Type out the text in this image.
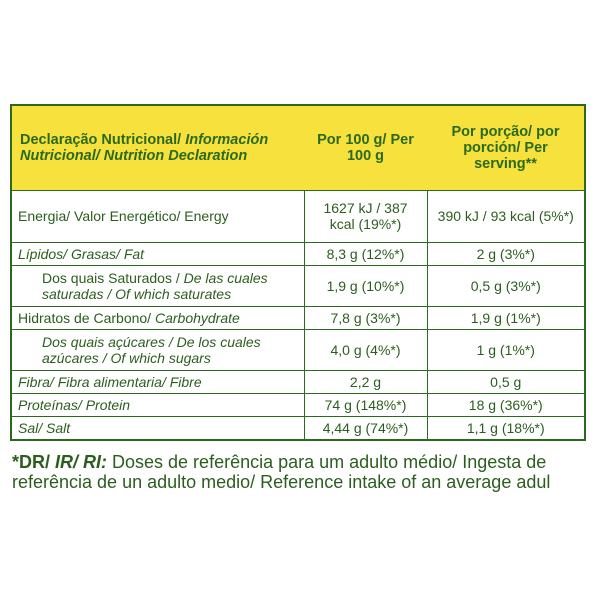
Declaração Nutricional/ Información
Nutricional/ Nutrition Declaration	Por 100 g/ Per 100 g	Por porção/ por porción/ Per serving**
Energia/ Valor Energético/ Energy	1627 kJ / 387 kcal (19%*)	390 kJ / 93 kcal (5%*)
Lípidos/ Grasas/ Fat	8,3 g (12%*)	2 g (3%*)
Dos quais Saturados / De las cuales saturadas / Of which saturates	1,9 g (10%*)	0,5 g (3%*)
Hidratos de Carbono/ Carbohydrate	7,8 g (3%*)	1,9 g (1%*)
Dos quais açúcares / De los cuales azúcares / Of which sugars	4,0 g (4%*)	1 g (1%*)
Fibra/ Fibra alimentaria/ Fibre	2,2 g	0,5 g
Proteínas/ Protein	74 g (148%*)	18 g (36%*)
Sal/ Salt	4,44 g (74%*)	1,1 g (18%*)
*DR/ IR/ RI: Doses de referência para um adulto médio/ Ingesta de referência de un adulto medio/ Reference intake of an average adul
